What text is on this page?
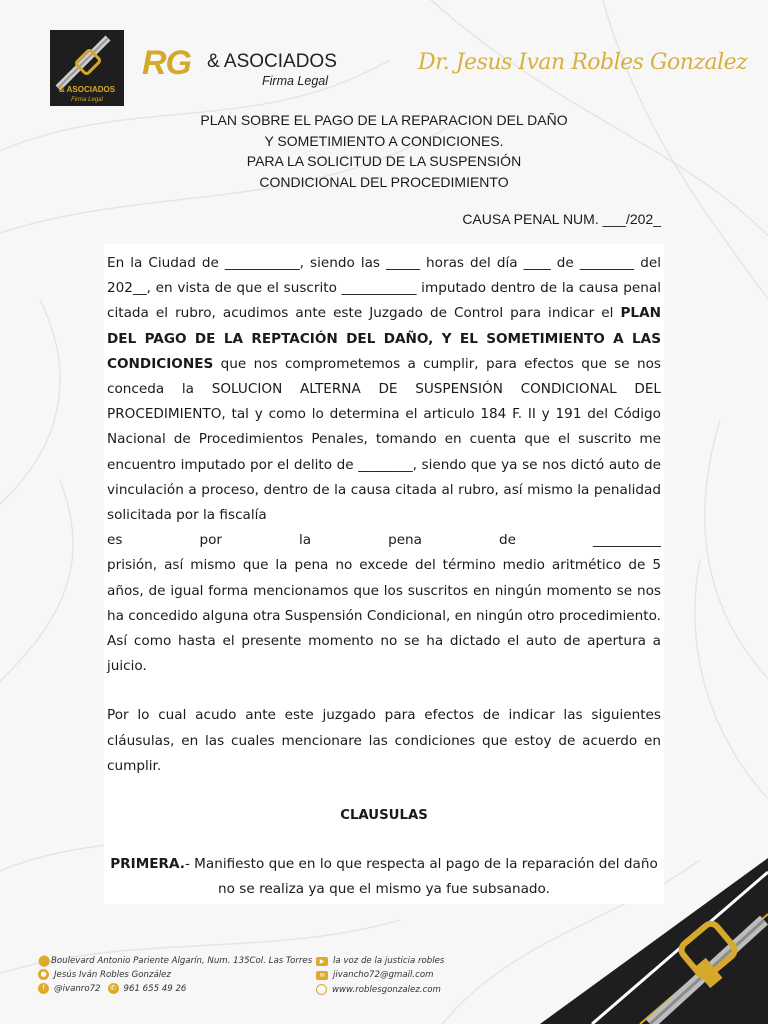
& ASOCIADOS
Firma Legal
RG & ASOCIADOS
Firma Legal
Dr. Jesus Ivan Robles Gonzalez
PLAN SOBRE EL PAGO DE LA REPARACION DEL DAÑO
Y SOMETIMIENTO A CONDICIONES.
PARA LA SOLICITUD DE LA SUSPENSIÓN
CONDICIONAL DEL PROCEDIMIENTO
CAUSA PENAL NUM. ___/202_

En la Ciudad de ___________, siendo las _____ horas del día ____ de ________ del 202__, en vista de que el suscrito ___________ imputado dentro de la causa penal citada el rubro, acudimos ante este Juzgado de Control para indicar el PLAN DEL PAGO DE LA REPTACIÓN DEL DAÑO, Y EL SOMETIMIENTO A LAS CONDICIONES que nos comprometemos a cumplir, para efectos que se nos conceda la SOLUCION ALTERNA DE SUSPENSIÓN CONDICIONAL DEL PROCEDIMIENTO, tal y como lo determina el articulo 184 F. II y 191 del Código Nacional de Procedimientos Penales, tomando en cuenta que el suscrito me encuentro imputado por el delito de ________, siendo que ya se nos dictó auto de vinculación a proceso, dentro de la causa citada al rubro, así mismo la penalidad solicitada por la fiscalía

es	por	la	pena	de	__________

prisión, así mismo que la pena no excede del término medio aritmético de 5 años, de igual forma mencionamos que los suscritos en ningún momento se nos ha concedido alguna otra Suspensión Condicional, en ningún otro procedimiento. Así como hasta el presente momento no se ha dictado el auto de apertura a juicio.

Por lo cual acudo ante este juzgado para efectos de indicar las siguientes cláusulas, en las cuales mencionare las condiciones que estoy de acuerdo en cumplir.

CLAUSULAS

PRIMERA.- Manifiesto que en lo que respecta al pago de la reparación del daño no se realiza ya que el mismo ya fue subsanado.

⬤ Boulevard Antonio Pariente Algarín, Num. 135Col. Las Torres
● Jesús Iván Robles González
f	@ivanro72	✆ 961 655 49 26
▶	la voz de la justicia robles
✉ jivancho72@gmail.com
www.roblesgonzalez.com
